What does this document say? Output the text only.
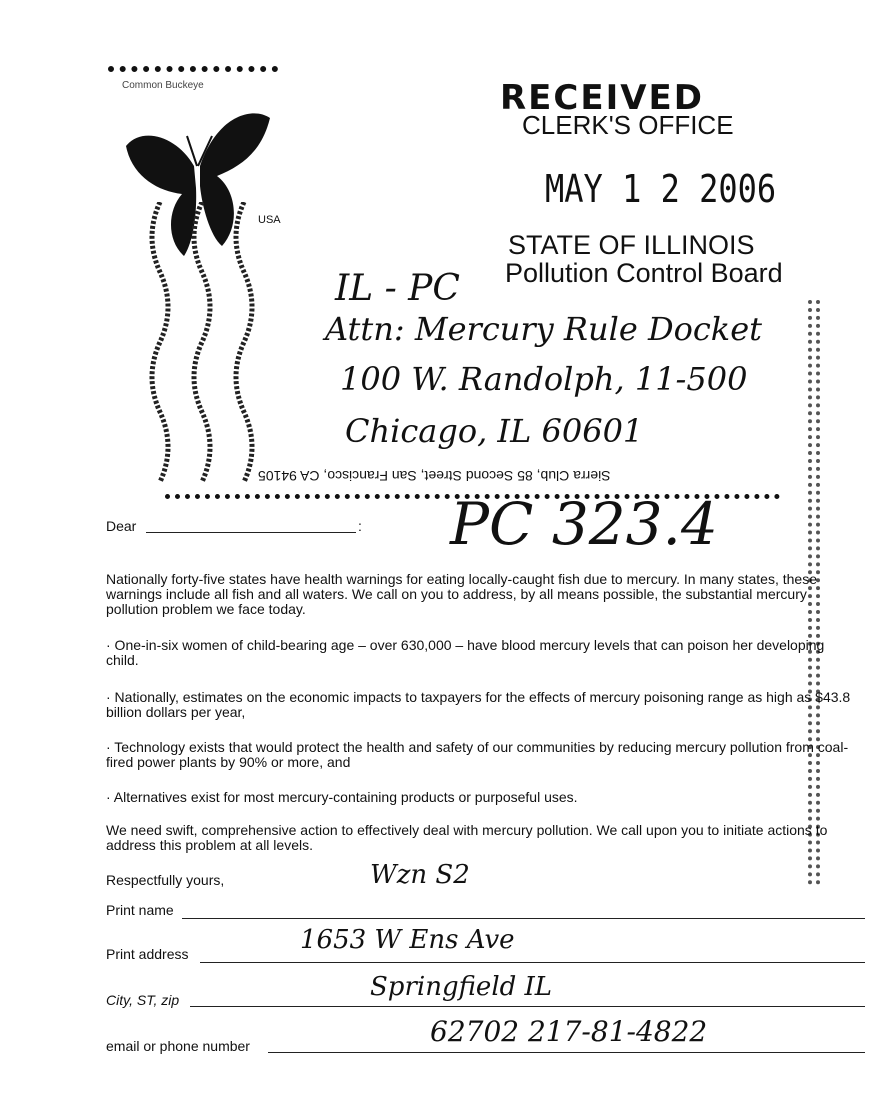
Common Buckeye
USA
RECEIVED
CLERK'S OFFICE
MAY 1 2 2006
STATE OF ILLINOIS
Pollution Control Board
IL - PC
Attn: Mercury Rule Docket
100 W. Randolph, 11-500
Chicago, IL 60601
Sierra Club, 85 Second Street, San Francisco, CA 94105
Dear	: PC 323.4
Nationally forty-five states have health warnings for eating locally-caught fish due to mercury. In many states, these warnings include all fish and all waters. We call on you to address, by all means possible, the substantial mercury pollution problem we face today.
· One-in-six women of child-bearing age – over 630,000 – have blood mercury levels that can poison her developing child.
· Nationally, estimates on the economic impacts to taxpayers for the effects of mercury poisoning range as high as $43.8 billion dollars per year,
· Technology exists that would protect the health and safety of our communities by reducing mercury pollution from coal-fired power plants by 90% or more, and
· Alternatives exist for most mercury-containing products or purposeful uses.
We need swift, comprehensive action to effectively deal with mercury pollution. We call upon you to initiate actions to address this problem at all levels.
Respectfully yours,	Wzn S2
Print name
Print address	1653 W Ens Ave
City, ST, zip	Springfield IL
email or phone number	62702 217-81-4822
